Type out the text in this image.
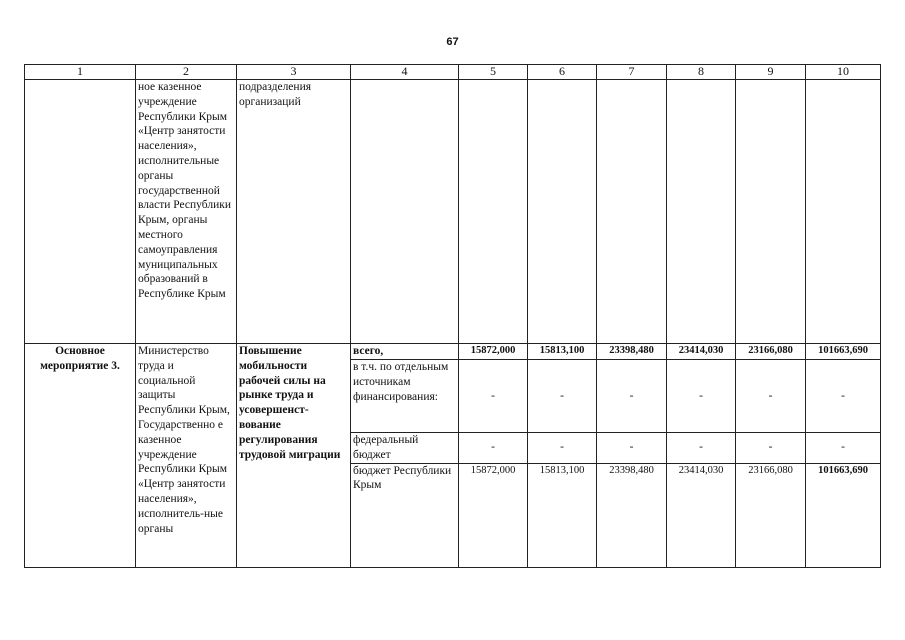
67
1	2	3	4	5	6	7	8	9	10
	ное казенное учреждение Республики Крым «Центр занятости населения», исполнительные органы государственной власти Республики Крым, органы местного самоуправления муниципальных образований в Республике Крым	подразделения организаций							
Основное мероприятие 3.	Министерство труда и социальной защиты Республики Крым, Государственно е казенное учреждение Республики Крым «Центр занятости населения», исполнитель-ные органы	Повышение мобильности рабочей силы на рынке труда и усовершенст-вование регулирования трудовой миграции	всего,	15872,000	15813,100	23398,480	23414,030	23166,080	101663,690
			в т.ч. по отдельным источникам финансирования:	-	-	-	-	-	-
			федеральный бюджет	-	-	-	-	-	-
			бюджет Республики Крым	15872,000	15813,100	23398,480	23414,030	23166,080	101663,690
